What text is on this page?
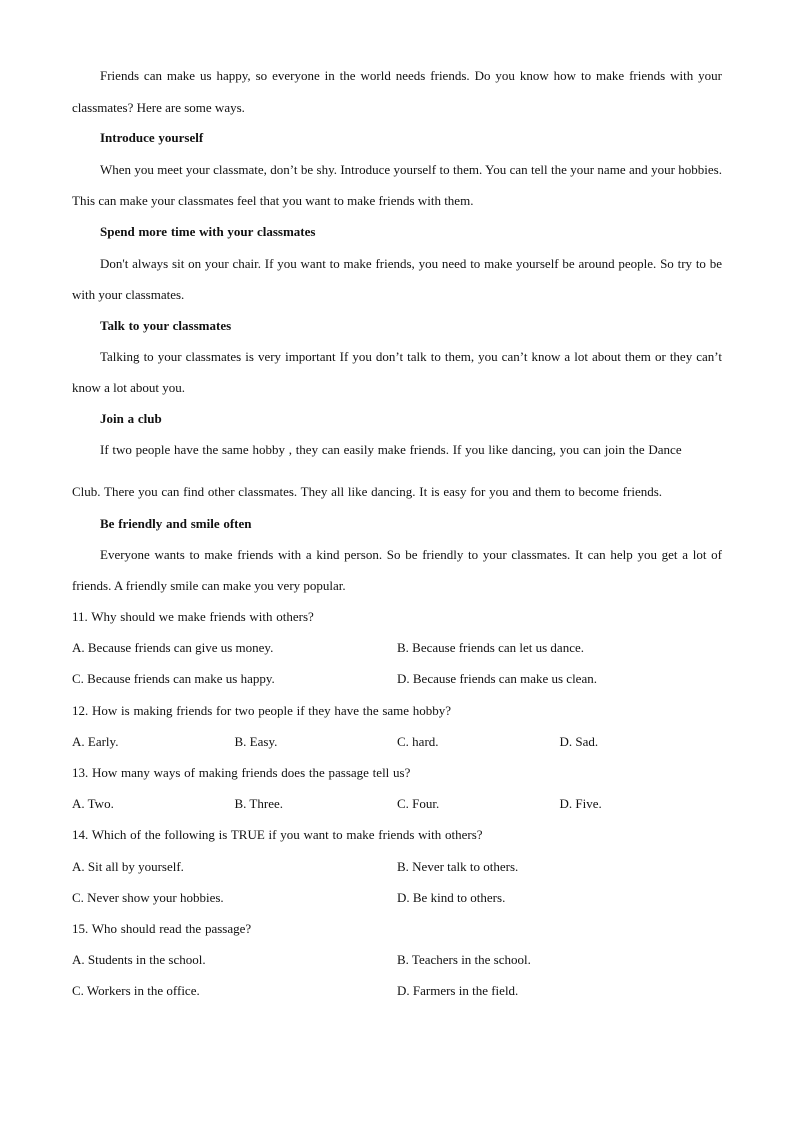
Friends can make us happy, so everyone in the world needs friends. Do you know how to make friends with your classmates? Here are some ways.

Introduce yourself

When you meet your classmate, don’t be shy. Introduce yourself to them. You can tell the your name and your hobbies. This can make your classmates feel that you want to make friends with them.

Spend more time with your classmates

Don't always sit on your chair. If you want to make friends, you need to make yourself be around people. So try to be with your classmates.

Talk to your classmates

Talking to your classmates is very important If you don’t talk to them, you can’t know a lot about them or they can’t know a lot about you.

Join a club
If two people have the same hobby , they can easily make friends. If you like dancing, you can join the Dance
Club. There you can find other classmates. They all like dancing. It is easy for you and them to become friends.
Be friendly and smile often

Everyone wants to make friends with a kind person. So be friendly to your classmates. It can help you get a lot of friends. A friendly smile can make you very popular.

11. Why should we make friends with others?
A. Because friends can give us money.	B. Because friends can let us dance.
C. Because friends can make us happy.	D. Because friends can make us clean.
12. How is making friends for two people if they have the same hobby?
A. Early.	B. Easy.	C. hard.	D. Sad.
13. How many ways of making friends does the passage tell us?
A. Two.	B. Three.	C. Four.	D. Five.
14. Which of the following is TRUE if you want to make friends with others?
A. Sit all by yourself.	B. Never talk to others.
C. Never show your hobbies.	D. Be kind to others.
15. Who should read the passage?
A. Students in the school.	B. Teachers in the school.
C. Workers in the office.	D. Farmers in the field.
